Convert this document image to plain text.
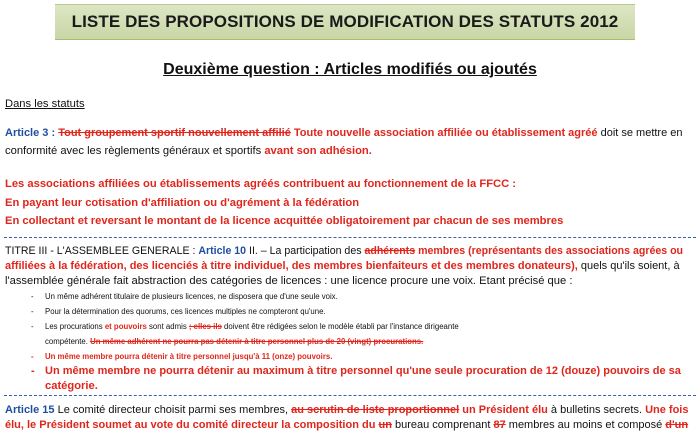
LISTE DES PROPOSITIONS DE MODIFICATION DES STATUTS 2012
Deuxième question : Articles modifiés ou ajoutés
Dans les statuts
Article 3 : Tout groupement sportif nouvellement affilié Toute nouvelle association affiliée ou établissement agréé doit se mettre en
conformité avec les règlements généraux et sportifs avant son adhésion.
Les associations affiliées ou établissements agréés contribuent au fonctionnement de la FFCC :
En payant leur cotisation d'affiliation ou d'agrément à la fédération
En collectant et reversant le montant de la licence acquittée obligatoirement par chacun de ses membres
TITRE III - L'ASSEMBLEE GENERALE : Article 10 II. – La participation des adhérents membres (représentants des associations agrées ou
affiliées à la fédération, des licenciés à titre individuel, des membres bienfaiteurs et des membres donateurs), quels qu'ils soient, à
l'assemblée générale fait abstraction des catégories de licences : une licence procure une voix. Etant précisé que :
- Un même adhérent titulaire de plusieurs licences, ne disposera que d'une seule voix.
- Pour la détermination des quorums, ces licences multiples ne compteront qu'une.
- Les procurations et pouvoirs sont admis ; elles ils doivent être rédigées selon le modèle établi par l'instance dirigeante
compétente. Un même adhérent ne pourra pas détenir à titre personnel plus de 20 (vingt) procurations.
- Un même membre pourra détenir à titre personnel jusqu'à 11 (onze) pouvoirs.
- Un même membre ne pourra détenir au maximum à titre personnel qu'une seule procuration de 12 (douze) pouvoirs de sa
catégorie.
Article 15 Le comité directeur choisit parmi ses membres, au scrutin de liste proportionnel un Président élu à bulletins secrets. Une fois
élu, le Président soumet au vote du comité directeur la composition du un bureau comprenant 87 membres au moins et composé d'un
